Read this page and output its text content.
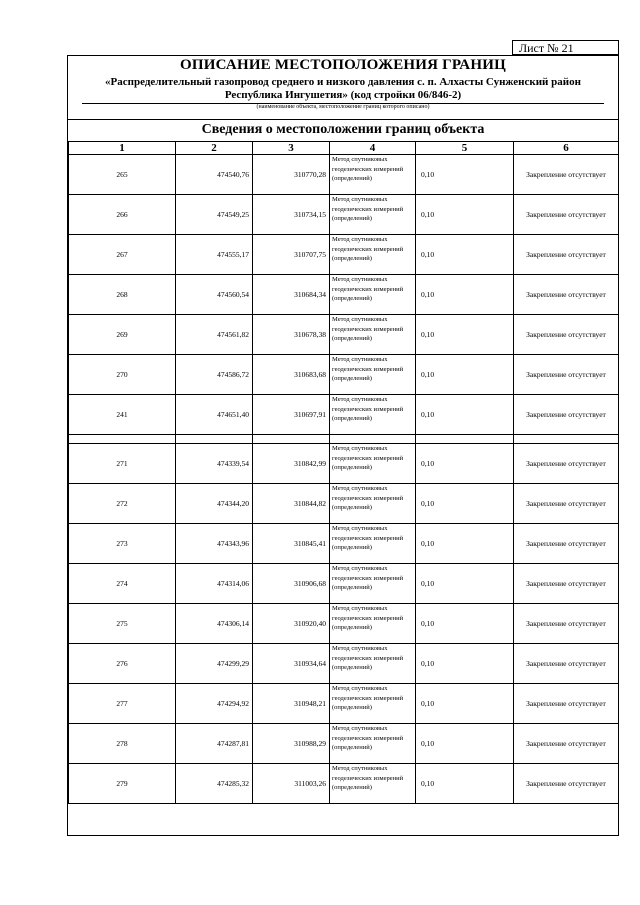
Лист № 21
ОПИСАНИЕ МЕСТОПОЛОЖЕНИЯ ГРАНИЦ
«Распределительный газопровод среднего и низкого давления с. п. Алхасты Сунженский район Республика Ингушетия» (код стройки 06/846-2)
(наименование объекта, местоположение границ которого описано)
Сведения о местоположении границ объекта
1	2	3	4	5	6
265	474540,76	310770,28	Метод спутниковых геодезических измерений (определений)	0,10	Закрепление отсутствует
266	474549,25	310734,15	Метод спутниковых геодезических измерений (определений)	0,10	Закрепление отсутствует
267	474555,17	310707,75	Метод спутниковых геодезических измерений (определений)	0,10	Закрепление отсутствует
268	474560,54	310684,34	Метод спутниковых геодезических измерений (определений)	0,10	Закрепление отсутствует
269	474561,82	310678,38	Метод спутниковых геодезических измерений (определений)	0,10	Закрепление отсутствует
270	474586,72	310683,68	Метод спутниковых геодезических измерений (определений)	0,10	Закрепление отсутствует
241	474651,40	310697,91	Метод спутниковых геодезических измерений (определений)	0,10	Закрепление отсутствует

271	474339,54	310842,99	Метод спутниковых геодезических измерений (определений)	0,10	Закрепление отсутствует
272	474344,20	310844,82	Метод спутниковых геодезических измерений (определений)	0,10	Закрепление отсутствует
273	474343,96	310845,41	Метод спутниковых геодезических измерений (определений)	0,10	Закрепление отсутствует
274	474314,06	310906,68	Метод спутниковых геодезических измерений (определений)	0,10	Закрепление отсутствует
275	474306,14	310920,40	Метод спутниковых геодезических измерений (определений)	0,10	Закрепление отсутствует
276	474299,29	310934,64	Метод спутниковых геодезических измерений (определений)	0,10	Закрепление отсутствует
277	474294,92	310948,21	Метод спутниковых геодезических измерений (определений)	0,10	Закрепление отсутствует
278	474287,81	310988,29	Метод спутниковых геодезических измерений (определений)	0,10	Закрепление отсутствует
279	474285,32	311003,26	Метод спутниковых геодезических измерений (определений)	0,10	Закрепление отсутствует
